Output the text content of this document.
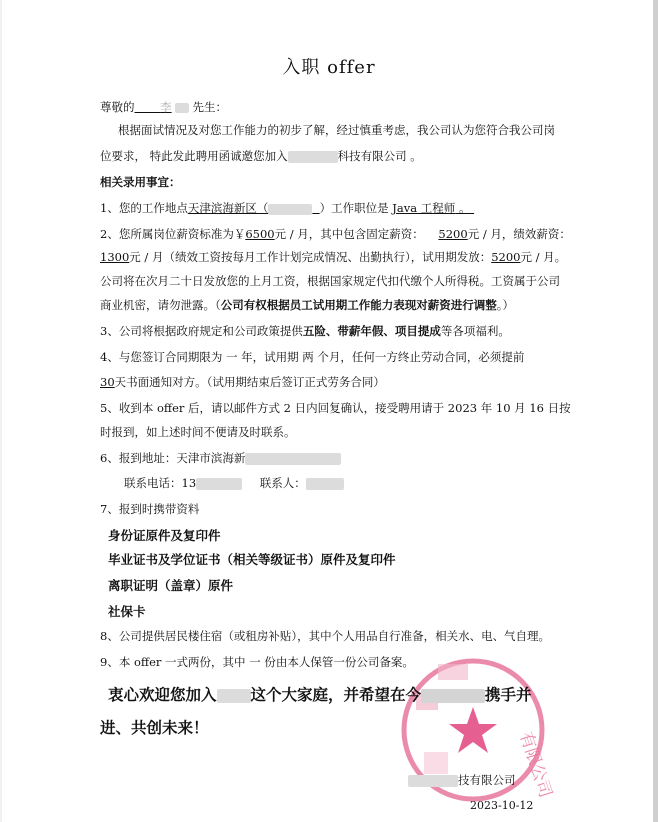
入职 offer
尊敬的 李 先生：
根据面试情况及对您工作能力的初步了解，经过慎重考虑，我公司认为您符合我公司岗
位要求， 特此发此聘用函诚邀您加入	科技有限公司 。
相关录用事宜：
1、您的工作地点天津滨海新区（	）工作职位是 Java 工程师 。
2、您所属岗位薪资标准为￥6500元 / 月，其中包含固定薪资： 5200元 / 月，绩效薪资：
1300元 / 月（绩效工资按每月工作计划完成情况、出勤执行），试用期发放：5200元 / 月。
公司将在次月二十日发放您的上月工资，根据国家规定代扣代缴个人所得税。工资属于公司
商业机密，请勿泄露。（公司有权根据员工试用期工作能力表现对薪资进行调整。）
3、公司将根据政府规定和公司政策提供五险、带薪年假、项目提成等各项福利。
4、与您签订合同期限为 一 年，试用期 两 个月，任何一方终止劳动合同，必须提前
30天书面通知对方。（试用期结束后签订正式劳务合同）
5、收到本 offer 后，请以邮件方式 2 日内回复确认，接受聘用请于 2023 年 10 月 16 日按
时报到，如上述时间不便请及时联系。
6、报到地址：天津市滨海新
联系电话：13	联系人：
7、报到时携带资料
身份证原件及复印件
毕业证书及学位证书（相关等级证书）原件及复印件
离职证明（盖章）原件
社保卡
8、公司提供居民楼住宿（或租房补贴），其中个人用品自行准备，相关水、电、气自理。
9、本 offer 一式两份，其中 一 份由本人保管一份公司备案。
有限公司
衷心欢迎您加入 这个大家庭，并希望在今	携手并
进、共创未来！
技有限公司
2023-10-12
